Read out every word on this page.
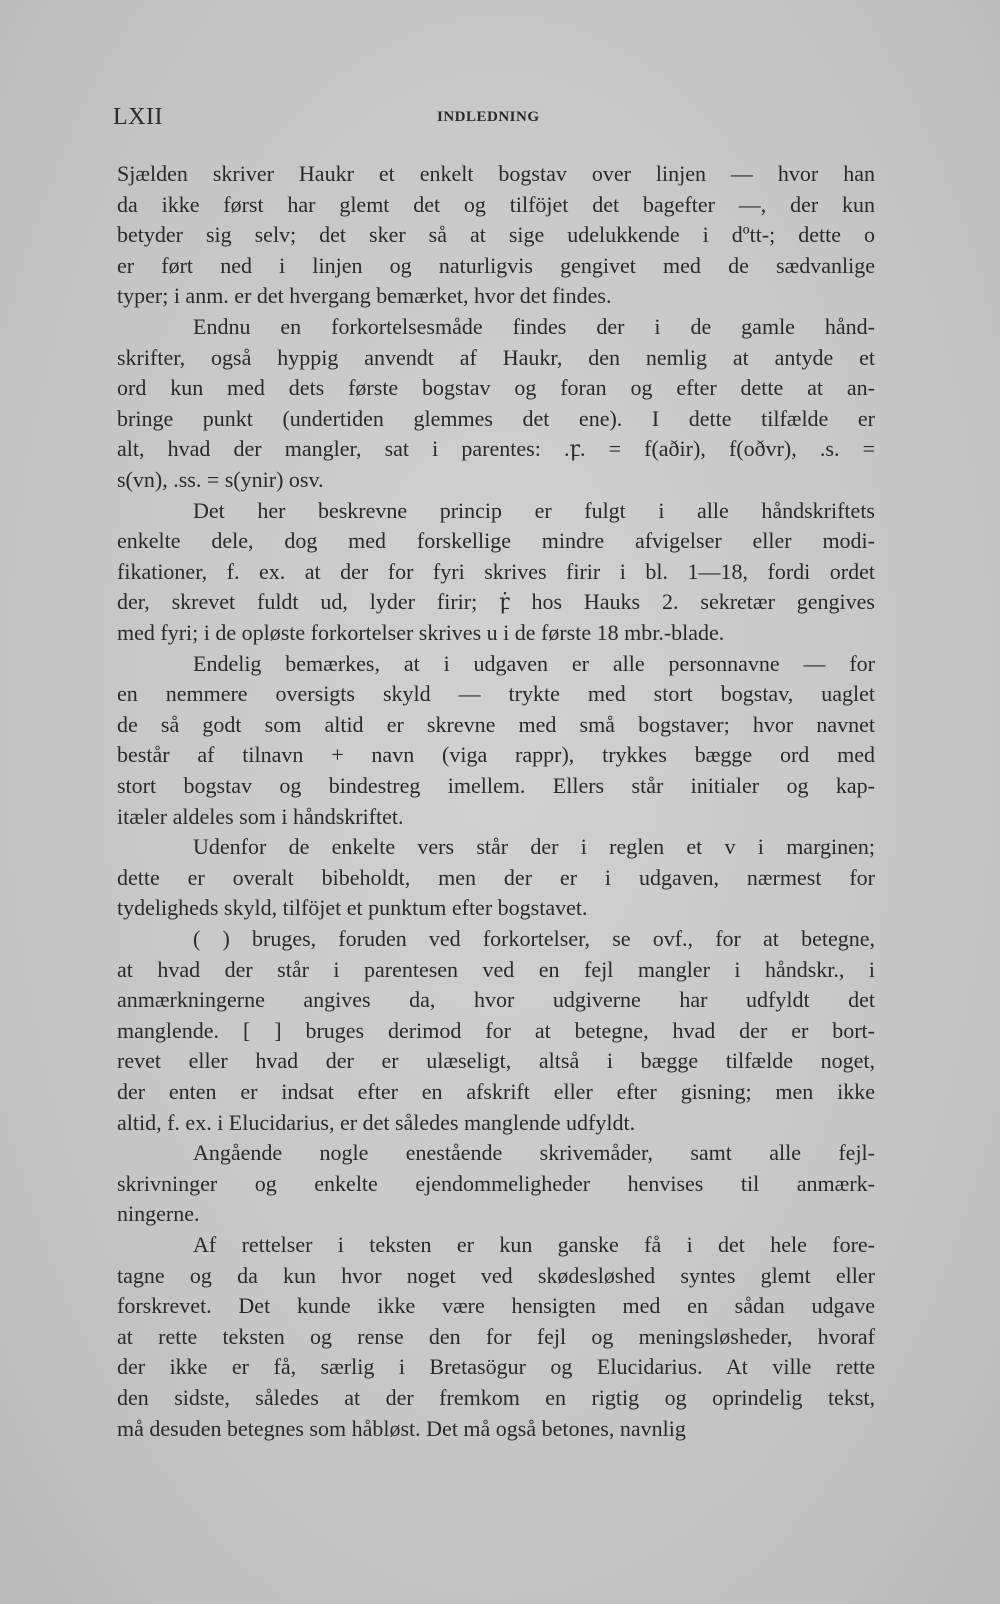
LXII	INDLEDNING
Sjælden skriver Haukr et enkelt bogstav over linjen — hvor han
da ikke først har glemt det og tilföjet det bagefter —, der kun
betyder sig selv; det sker så at sige udelukkende i dºtt-; dette o
er ført ned i linjen og naturligvis gengivet med de sædvanlige
typer; i anm. er det hvergang bemærket, hvor det findes.
Endnu en forkortelsesmåde findes der i de gamle hånd-
skrifter, også hyppig anvendt af Haukr, den nemlig at antyde et
ord kun med dets første bogstav og foran og efter dette at an-
bringe punkt (undertiden glemmes det ene). I dette tilfælde er
alt, hvad der mangler, sat i parentes: .ꝼ. = f(aðir), f(oðvr), .s. =
s(vn), .ss. = s(ynir) osv.
Det her beskrevne princip er fulgt i alle håndskriftets
enkelte dele, dog med forskellige mindre afvigelser eller modi-
fikationer, f. ex. at der for fyri skrives firir i bl. 1—18, fordi ordet
der, skrevet fuldt ud, lyder firir; ꝼ̇ hos Hauks 2. sekretær gengives
med fyri; i de opløste forkortelser skrives u i de første 18 mbr.-blade.
Endelig bemærkes, at i udgaven er alle personnavne — for
en nemmere oversigts skyld — trykte med stort bogstav, uaglet
de så godt som altid er skrevne med små bogstaver; hvor navnet
består af tilnavn + navn (viga rappr), trykkes bægge ord med
stort bogstav og bindestreg imellem. Ellers står initialer og kap-
itæler aldeles som i håndskriftet.
Udenfor de enkelte vers står der i reglen et v i marginen;
dette er overalt bibeholdt, men der er i udgaven, nærmest for
tydeligheds skyld, tilföjet et punktum efter bogstavet.
( ) bruges, foruden ved forkortelser, se ovf., for at betegne,
at hvad der står i parentesen ved en fejl mangler i håndskr., i
anmærkningerne angives da, hvor udgiverne har udfyldt det
manglende. [ ] bruges derimod for at betegne, hvad der er bort-
revet eller hvad der er ulæseligt, altså i bægge tilfælde noget,
der enten er indsat efter en afskrift eller efter gisning; men ikke
altid, f. ex. i Elucidarius, er det således manglende udfyldt.
Angående nogle enestående skrivemåder, samt alle fejl-
skrivninger og enkelte ejendommeligheder henvises til anmærk-
ningerne.
Af rettelser i teksten er kun ganske få i det hele fore-
tagne og da kun hvor noget ved skødesløshed syntes glemt eller
forskrevet. Det kunde ikke være hensigten med en sådan udgave
at rette teksten og rense den for fejl og meningsløsheder, hvoraf
der ikke er få, særlig i Bretasögur og Elucidarius. At ville rette
den sidste, således at der fremkom en rigtig og oprindelig tekst,
må desuden betegnes som håbløst. Det må også betones, navnlig
